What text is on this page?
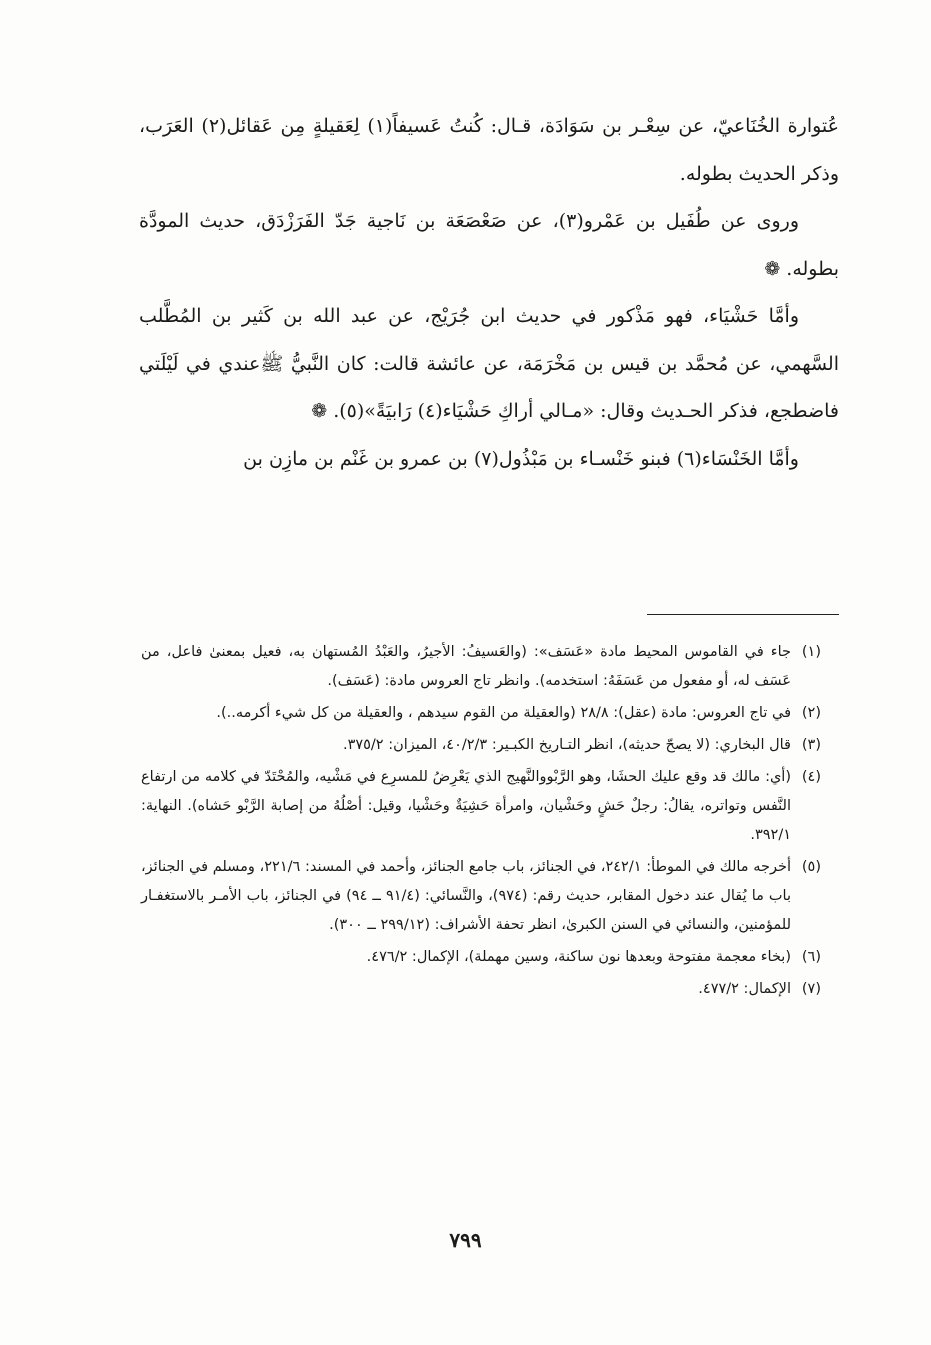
عُتوارة الخُنَاعيّ، عن سِعْـر بن سَوَادَة، قـال: كُنتُ عَسيفاً(١) لِعَقيلةٍ مِن عَقائل(٢) العَرَب، وذكر الحديث بطوله.

وروى عن طُفَيل بن عَمْرو(٣)، عن صَعْصَعَة بن نَاجية جَدّ الفَرَزْدَق، حديث المودَّة بطوله. ❁

وأمَّا حَشْيَاء، فهو مَذْكور في حديث ابن جُرَيْج، عن عبد الله بن كَثير بن المُطَّلب السَّهمي، عن مُحمَّد بن قيس بن مَخْرَمَة، عن عائشة قالت: كان النَّبيُّ ﷺعندي في لَيْلَتي فاضطجع، فذكر الحـديث وقال: «مـالي أراكِ حَشْيَاء(٤) رَابيَةً»(٥). ❁

وأمَّا الخَنْسَاء(٦) فبنو خَنْسـاء بن مَبْذُول(٧) بن عمرو بن غَنْم بن مازِن بن

(١)جاء في القاموس المحيط مادة «عَسَف»: (والعَسيفُ: الأجيرُ، والعَبْدُ المُستهان به، فعيل بمعنىٰ فاعل، من عَسَف له، أو مفعول من عَسَفَهُ: استخدمه). وانظر تاج العروس مادة: (عَسَف).

(٢)في تاج العروس: مادة (عقل): ٢٨/٨ (والعقيلة من القوم سيدهم ، والعقيلة من كل شيء أكرمه..).

(٣)قال البخاري: (لا يصحّ حديثه)، انظر التـاريخ الكبـير: ٤٠/٢/٣، الميزان: ٣٧٥/٢.

(٤)(أي: مالك قد وقع عليك الحشَا، وهو الرَّبْووالنَّهيج الذي يَعْرِضُ للمسرِع في مَشْيه، والمُحْتَدّ في كلامه من ارتفاع النَّفس وتواتره، يقالُ: رجلٌ حَشٍ وحَشْيان، وامرأة حَشِيَةٌ وحَشْيا، وقيل: أصْلُهُ من إصابة الرَّبْو حَشاه). النهاية: ٣٩٢/١.

(٥)أخرجه مالك في الموطأ: ٢٤٢/١، في الجنائز، باب جامع الجنائز، وأحمد في المسند: ٢٢١/٦، ومسلم في الجنائز، باب ما يُقال عند دخول المقابر، حديث رقم: (٩٧٤)، والنَّسائي: (٩١/٤ ــ ٩٤) في الجنائز، باب الأمـر بالاستغفـار للمؤمنين، والنسائي في السنن الكبرىٰ، انظر تحفة الأشراف: (٢٩٩/١٢ ــ ٣٠٠).

(٦)(بخاء معجمة مفتوحة وبعدها نون ساكنة، وسين مهملة)، الإكمال: ٤٧٦/٢.

(٧)الإكمال: ٤٧٧/٢.

٧٩٩
